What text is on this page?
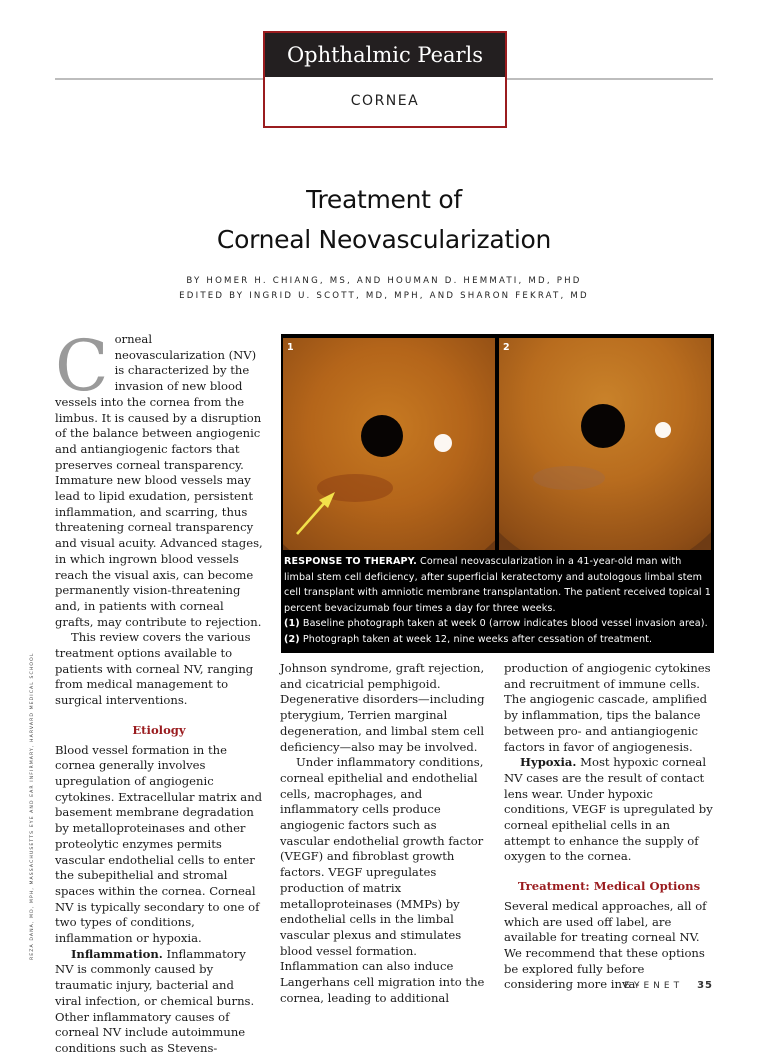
Ophthalmic Pearls
CORNEA
Treatment of
Corneal Neovascularization
BY HOMER H. CHIANG, MS, AND HOUMAN D. HEMMATI, MD, PHD
EDITED BY INGRID U. SCOTT, MD, MPH, AND SHARON FEKRAT, MD
C orneal neovascularization (NV) is characterized by the invasion of new blood vessels into the cornea from the limbus. It is caused by a disruption of the balance between angiogenic and antiangiogenic factors that preserves corneal transparency. Immature new blood vessels may lead to lipid exudation, persistent inflammation, and scarring, thus threatening corneal transparency and visual acuity. Advanced stages, in which ingrown blood vessels reach the visual axis, can become permanently vision-threatening and, in patients with corneal grafts, may contribute to rejection.

This review covers the various treatment options available to patients with corneal NV, ranging from medical management to surgical interventions.

Etiology

Blood vessel formation in the cornea generally involves upregulation of angiogenic cytokines. Extracellular matrix and basement membrane degradation by metalloproteinases and other proteolytic enzymes permits vascular endothelial cells to enter the subepithelial and stromal spaces within the cornea. Corneal NV is typically secondary to one of two types of conditions, inflammation or hypoxia.

Inflammation. Inflammatory NV is commonly caused by traumatic injury, bacterial and viral infection, or chemical burns. Other inflammatory causes of corneal NV include autoimmune conditions such as Stevens-

1	2
RESPONSE TO THERAPY. Corneal neovascularization in a 41-year-old man with limbal stem cell deficiency, after superficial keratectomy and autologous limbal stem cell transplant with amniotic membrane transplantation. The patient received topical 1 percent bevacizumab four times a day for three weeks.
(1) Baseline photograph taken at week 0 (arrow indicates blood vessel invasion area). (2) Photograph taken at week 12, nine weeks after cessation of treatment.

Johnson syndrome, graft rejection, and cicatricial pemphigoid. Degenerative disorders—including pterygium, Terrien marginal degeneration, and limbal stem cell deficiency—also may be involved.

Under inflammatory conditions, corneal epithelial and endothelial cells, macrophages, and inflammatory cells produce angiogenic factors such as vascular endothelial growth factor (VEGF) and fibroblast growth factors. VEGF upregulates production of matrix metalloproteinases (MMPs) by endothelial cells in the limbal vascular plexus and stimulates blood vessel formation. Inflammation can also induce Langerhans cell migration into the cornea, leading to additional

production of angiogenic cytokines and recruitment of immune cells. The angiogenic cascade, amplified by inflammation, tips the balance between pro- and antiangiogenic factors in favor of angiogenesis.

Hypoxia. Most hypoxic corneal NV cases are the result of contact lens wear. Under hypoxic conditions, VEGF is upregulated by corneal epithelial cells in an attempt to enhance the supply of oxygen to the cornea.

Treatment: Medical Options

Several medical approaches, all of which are used off label, are available for treating corneal NV. We recommend that these options be explored fully before considering more inva-

REZA DANA, MD, MPH, MASSACHUSETTS EYE AND EAR INFIRMARY, HARVARD MEDICAL SCHOOL
EYENET 35
